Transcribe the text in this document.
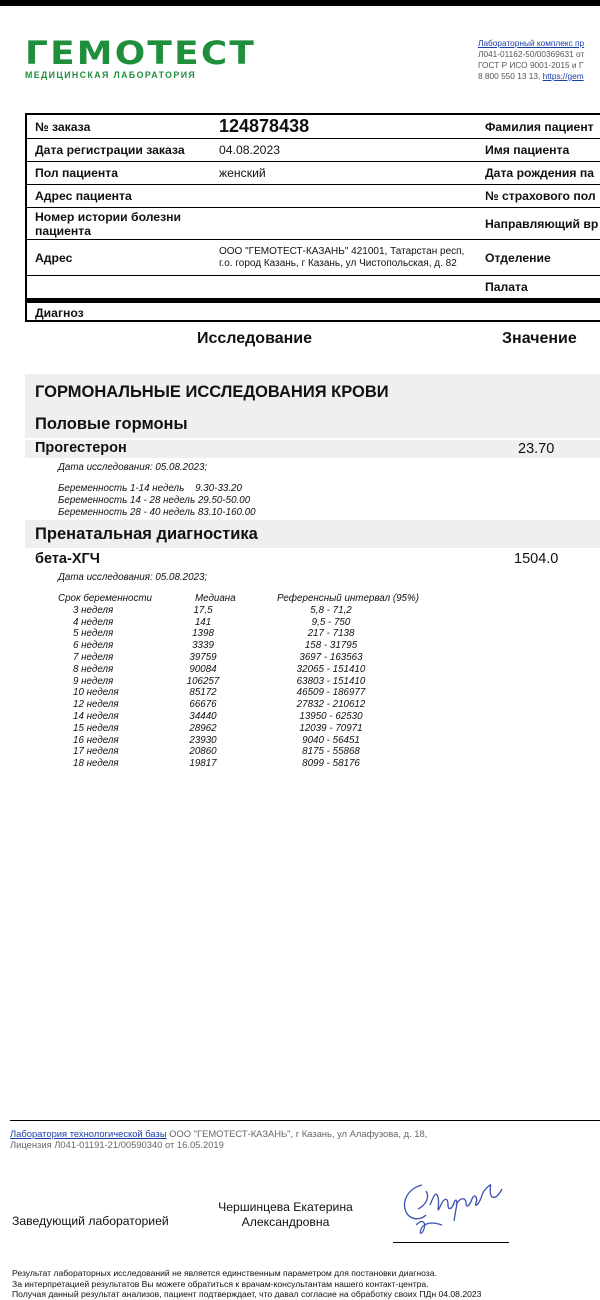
ГЕМОТЕСТ
МЕДИЦИНСКАЯ ЛАБОРАТОРИЯ
Лабораторный комплекс пр
Л041-01162-50/00369631 от
ГОСТ Р ИСО 9001-2015 и Г
8 800 550 13 13, https://gem
№ заказа	124878438	Фамилия пациент
Дата регистрации заказа	04.08.2023	Имя пациента
Пол пациента	женский	Дата рождения па
Адрес пациента		№ страхового пол
Номер истории болезни пациента		Направляющий вр
Адрес	ООО "ГЕМОТЕСТ-КАЗАНЬ" 421001, Татарстан респ, г.о. город Казань, г Казань, ул Чистопольская, д. 82	Отделение
		Палата
Диагноз
Исследование	Значение
ГОРМОНАЛЬНЫЕ ИССЛЕДОВАНИЯ КРОВИ
Половые гормоны
Прогестерон	23.70
Дата исследования: 05.08.2023;
Беременность 1-14 недель 9.30-33.20
Беременность 14 - 28 недель 29.50-50.00
Беременность 28 - 40 недель 83.10-160.00
Пренатальная диагностика
бета-ХГЧ	1504.0
Дата исследования: 05.08.2023;
Срок беременности	Медиана	Референсный интервал (95%)
3 неделя	17,5	5,8 - 71,2
4 неделя	141	9,5 - 750
5 неделя	1398	217 - 7138
6 неделя	3339	158 - 31795
7 неделя	39759	3697 - 163563
8 неделя	90084	32065 - 151410
9 неделя	106257	63803 - 151410
10 неделя	85172	46509 - 186977
12 неделя	66676	27832 - 210612
14 неделя	34440	13950 - 62530
15 неделя	28962	12039 - 70971
16 неделя	23930	9040 - 56451
17 неделя	20860	8175 - 55868
18 неделя	19817	8099 - 58176
Лаборатория технологической базы ООО "ГЕМОТЕСТ-КАЗАНЬ", г Казань, ул Алафузова, д. 18,
Лицензия Л041-01191-21/00590340 от 16.05.2019
Заведующий лабораторией
Чершинцева Екатерина
Александровна
Результат лабораторных исследований не является единственным параметром для постановки диагноза.
За интерпретацией результатов Вы можете обратиться к врачам-консультантам нашего контакт-центра.
Получая данный результат анализов, пациент подтверждает, что давал согласие на обработку своих ПДн 04.08.2023
